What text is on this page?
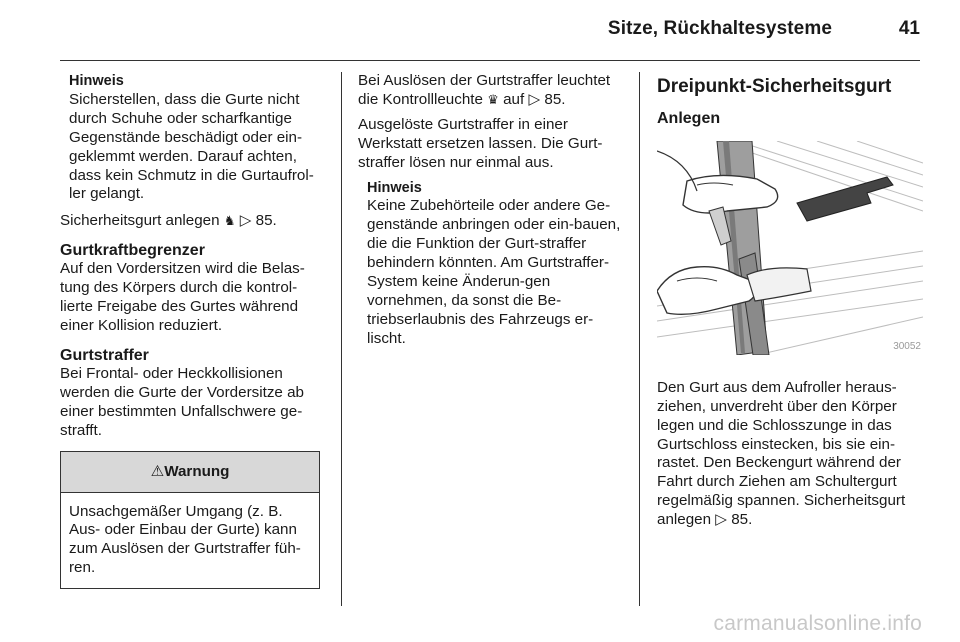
Sitze, Rückhaltesysteme	41
Hinweis
Sicherstellen, dass die Gurte nicht durch Schuhe oder scharfkantige Gegenstände beschädigt oder ein-geklemmt werden. Darauf achten, dass kein Schmutz in die Gurtaufrol-ler gelangt.
Sicherheitsgurt anlegen ♞ ▷ 85.
Gurtkraftbegrenzer
Auf den Vordersitzen wird die Belas-tung des Körpers durch die kontrol-lierte Freigabe des Gurtes während einer Kollision reduziert.
Gurtstraffer
Bei Frontal- oder Heckkollisionen werden die Gurte der Vordersitze ab einer bestimmten Unfallschwere ge-strafft.
⚠Warnung
Unsachgemäßer Umgang (z. B. Aus- oder Einbau der Gurte) kann zum Auslösen der Gurtstraffer füh-ren.
Bei Auslösen der Gurtstraffer leuchtet die Kontrollleuchte ♛ auf ▷ 85.
Ausgelöste Gurtstraffer in einer Werkstatt ersetzen lassen. Die Gurt-straffer lösen nur einmal aus.
Hinweis
Keine Zubehörteile oder andere Ge-genstände anbringen oder ein-bauen, die die Funktion der Gurt-straffer behindern könnten. Am Gurtstraffer-System keine Änderun-gen vornehmen, da sonst die Be-triebserlaubnis des Fahrzeugs er-lischt.
Dreipunkt-Sicherheitsgurt
Anlegen
30052
Den Gurt aus dem Aufroller heraus-ziehen, unverdreht über den Körper legen und die Schlosszunge in das Gurtschloss einstecken, bis sie ein-rastet. Den Beckengurt während der Fahrt durch Ziehen am Schultergurt regelmäßig spannen. Sicherheitsgurt anlegen ▷ 85.
carmanualsonline.info
